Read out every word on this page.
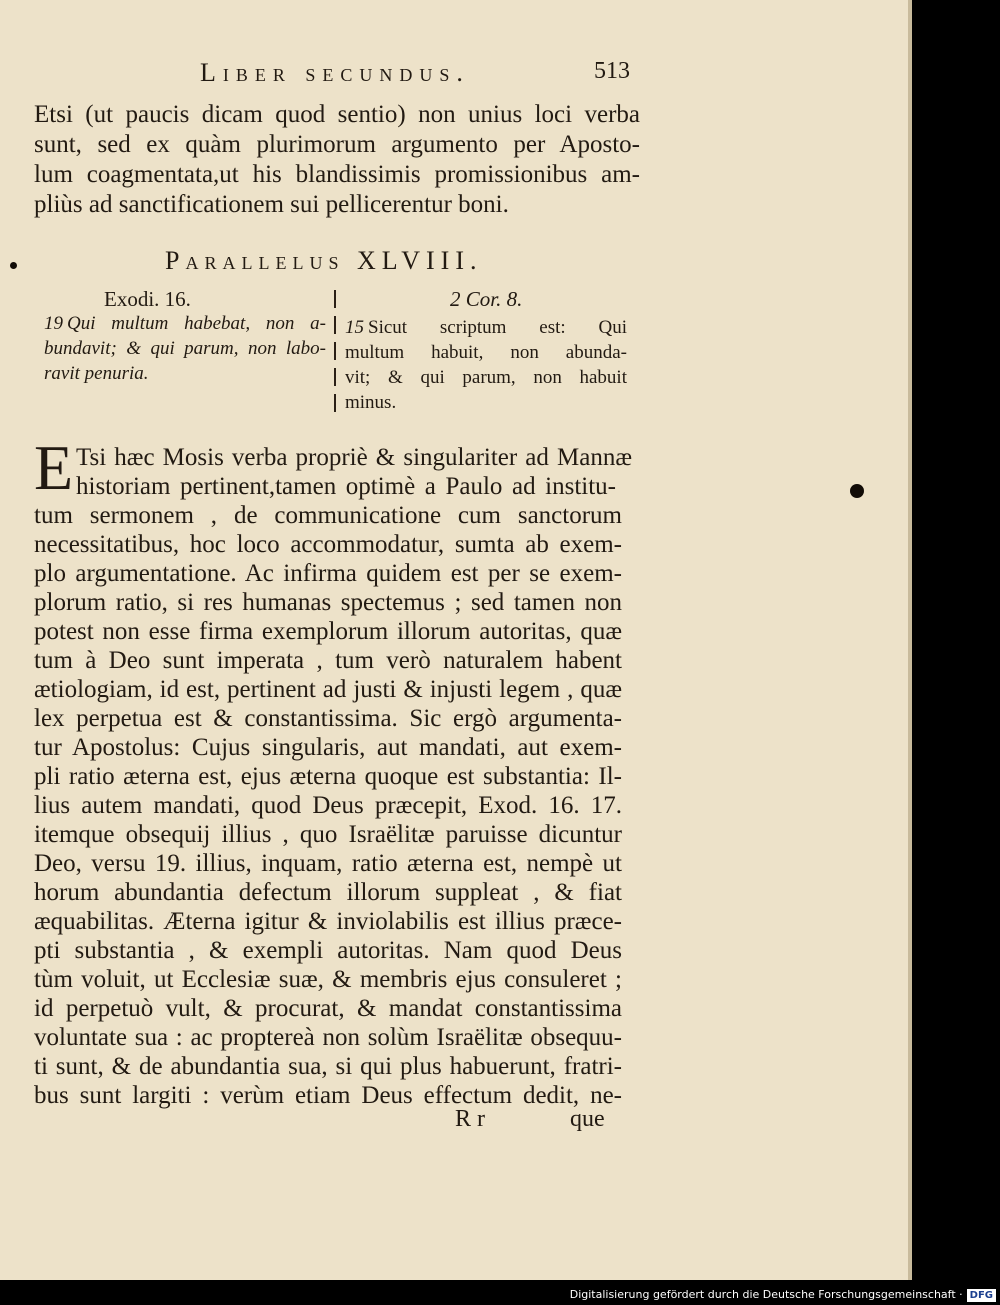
Liber secundus.	513
Etsi (ut paucis dicam quod sentio) non unius loci verba
sunt, sed ex quàm plurimorum argumento per Aposto-
lum coagmentata,ut his blandissimis promissionibus am-
pliùs ad sanctificationem sui pellicerentur boni.
Parallelus XLVIII.
Exodi. 16.
19 Qui multum habebat, non a-
bundavit; & qui parum, non labo-
ravit penuria.
2 Cor. 8.
15 Sicut scriptum est: Qui
multum habuit, non abunda-
vit; & qui parum, non habuit
minus.
E Tsi hæc Mosis verba propriè & singulariter ad Mannæ
historiam pertinent,tamen optimè a Paulo ad institu-
tum sermonem , de communicatione cum sanctorum
necessitatibus, hoc loco accommodatur, sumta ab exem-
plo argumentatione. Ac infirma quidem est per se exem-
plorum ratio, si res humanas spectemus ; sed tamen non
potest non esse firma exemplorum illorum autoritas, quæ
tum à Deo sunt imperata , tum verò naturalem habent
ætiologiam, id est, pertinent ad justi & injusti legem , quæ
lex perpetua est & constantissima. Sic ergò argumenta-
tur Apostolus: Cujus singularis, aut mandati, aut exem-
pli ratio æterna est, ejus æterna quoque est substantia: Il-
lius autem mandati, quod Deus præcepit, Exod. 16. 17.
itemque obsequij illius , quo Israëlitæ paruisse dicuntur
Deo, versu 19. illius, inquam, ratio æterna est, nempè ut
horum abundantia defectum illorum suppleat , & fiat
æquabilitas. Æterna igitur & inviolabilis est illius præce-
pti substantia , & exempli autoritas. Nam quod Deus
tùm voluit, ut Ecclesiæ suæ, & membris ejus consuleret ;
id perpetuò vult, & procurat, & mandat constantissima
voluntate sua : ac proptereà non solùm Israëlitæ obsequu-
ti sunt, & de abundantia sua, si qui plus habuerunt, fratri-
bus sunt largiti : verùm etiam Deus effectum dedit, ne-
R r	que
Digitalisierung gefördert durch die Deutsche Forschungsgemeinschaft · DFG
